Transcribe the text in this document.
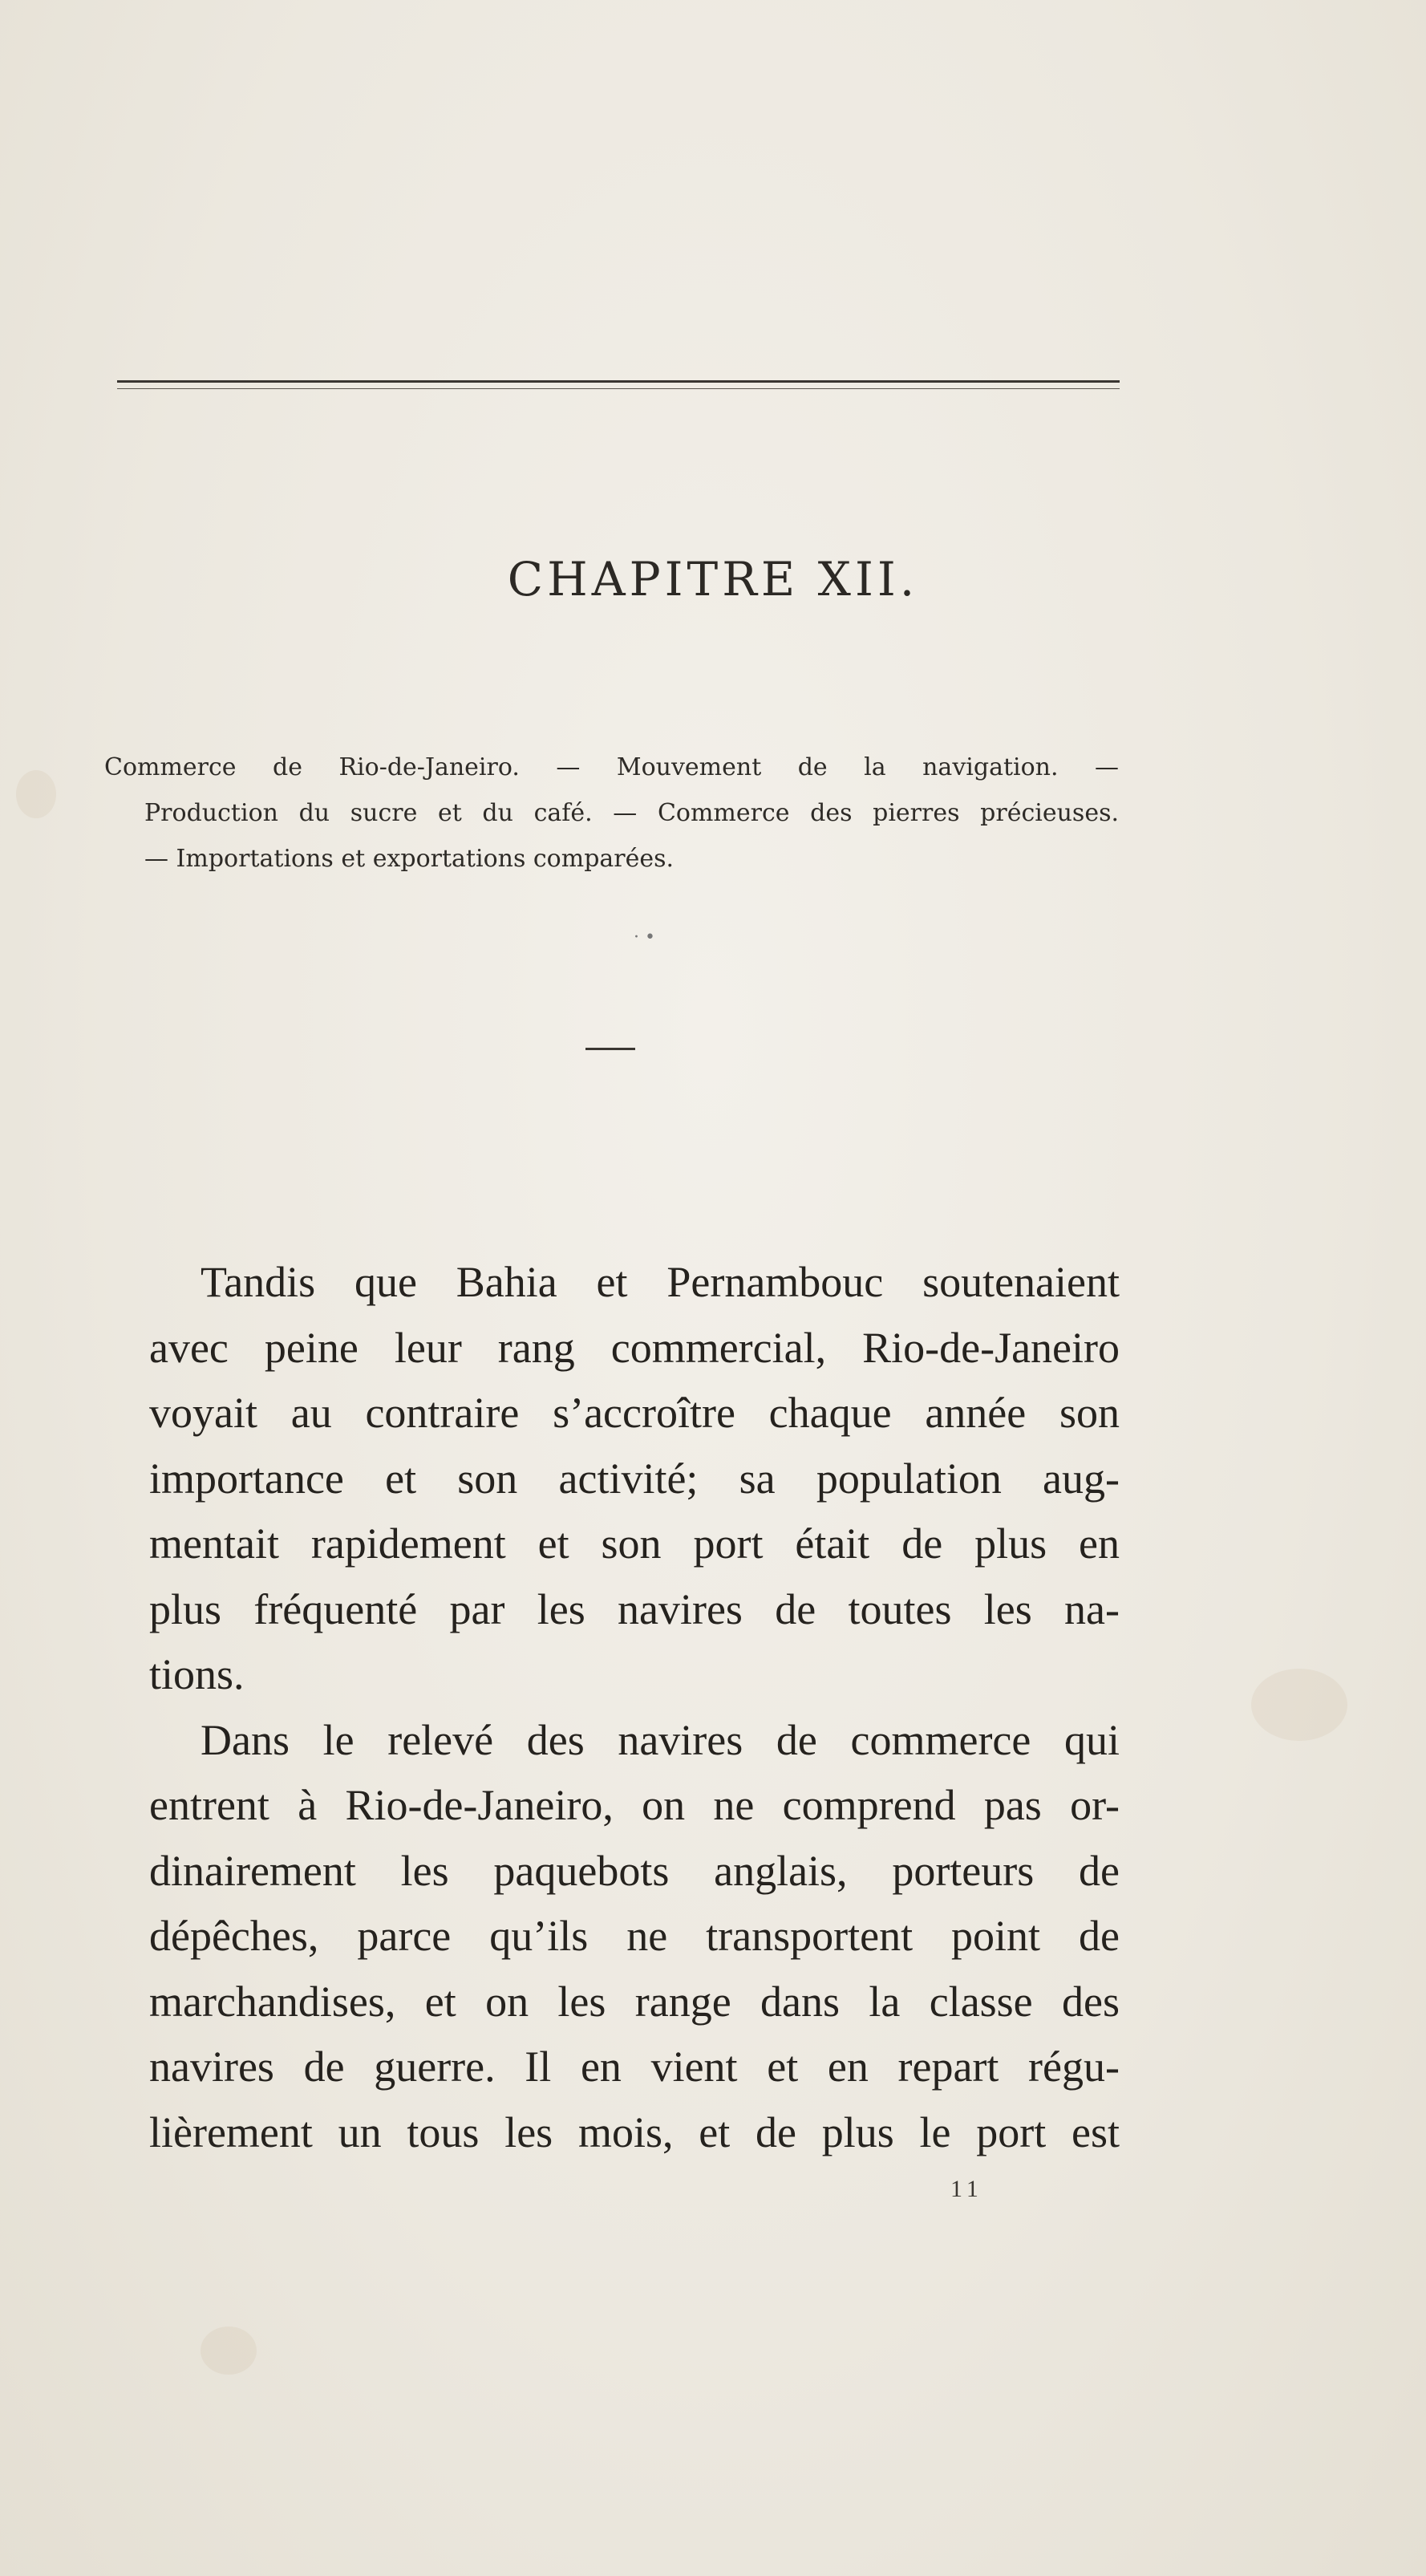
CHAPITRE XII.
Commerce de Rio-de-Janeiro. — Mouvement de la navigation. —
Production du sucre et du café. — Commerce des pierres précieuses.
— Importations et exportations comparées.
· •
Tandis que Bahia et Pernambouc soutenaient
avec peine leur rang commercial, Rio-de-Janeiro
voyait au contraire s’accroître chaque année son
importance et son activité; sa population aug-
mentait rapidement et son port était de plus en
plus fréquenté par les navires de toutes les na-
tions.
Dans le relevé des navires de commerce qui
entrent à Rio-de-Janeiro, on ne comprend pas or-
dinairement les paquebots anglais, porteurs de
dépêches, parce qu’ils ne transportent point de
marchandises, et on les range dans la classe des
navires de guerre. Il en vient et en repart régu-
lièrement un tous les mois, et de plus le port est
11
